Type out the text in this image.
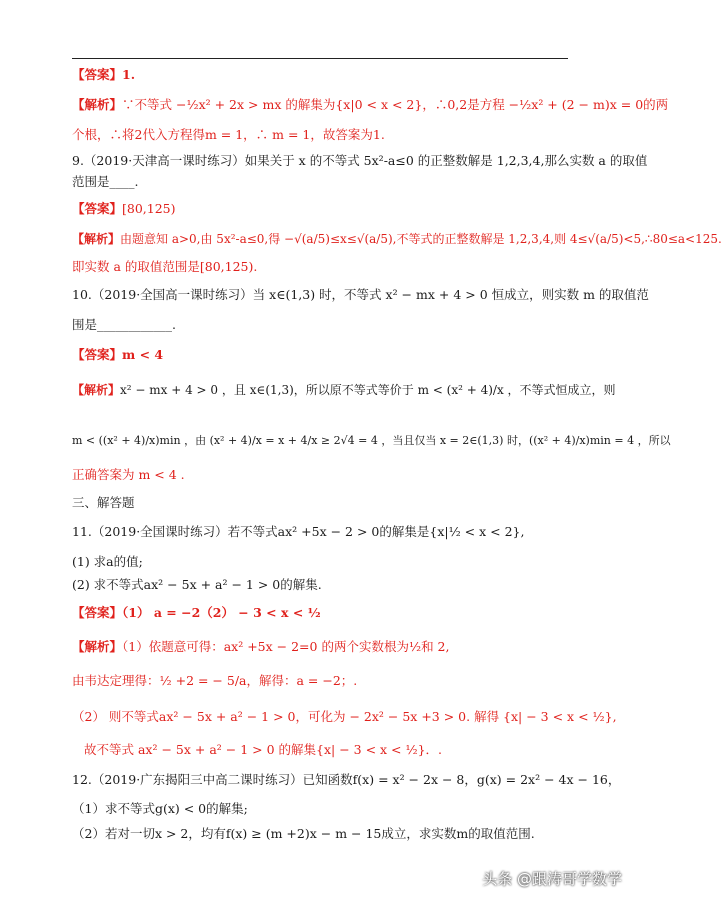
【答案】1.
【解析】∵不等式 −½x² + 2x > mx 的解集为{x|0 < x < 2}，∴0,2是方程 −½x² + (2 − m)x = 0的两
个根，∴将2代入方程得m = 1，∴ m = 1，故答案为1.
9.（2019·天津高一课时练习）如果关于 x 的不等式 5x²-a≤0 的正整数解是 1,2,3,4,那么实数 a 的取值
范围是____.
【答案】[80,125)
【解析】由题意知 a>0,由 5x²-a≤0,得 −√(a/5)≤x≤√(a/5),不等式的正整数解是 1,2,3,4,则 4≤√(a/5)<5,∴80≤a<125.
即实数 a 的取值范围是[80,125).
10.（2019·全国高一课时练习）当 x∈(1,3) 时，不等式 x² − mx + 4 > 0 恒成立，则实数 m 的取值范
围是____________.
【答案】m < 4
【解析】x² − mx + 4 > 0 ，且 x∈(1,3)，所以原不等式等价于 m < (x² + 4)/x ，不等式恒成立，则
m < ((x² + 4)/x)min ，由 (x² + 4)/x = x + 4/x ≥ 2√4 = 4 ，当且仅当 x = 2∈(1,3) 时，((x² + 4)/x)min = 4 ，所以
正确答案为 m < 4 .
三、解答题
11.（2019·全国课时练习）若不等式ax² +5x − 2 > 0的解集是{x|½ < x < 2},
(1) 求a的值;
(2) 求不等式ax² − 5x + a² − 1 > 0的解集.
【答案】（1） a = −2（2） − 3 < x < ½
【解析】（1）依题意可得：ax² +5x − 2=0 的两个实数根为½和 2,
由韦达定理得：½ +2 = − 5/a，解得：a = −2；.
（2） 则不等式ax² − 5x + a² − 1 > 0，可化为 − 2x² − 5x +3 > 0. 解得 {x| − 3 < x < ½},
故不等式 ax² − 5x + a² − 1 > 0 的解集{x| − 3 < x < ½}．.
12.（2019·广东揭阳三中高二课时练习）已知函数f(x) = x² − 2x − 8，g(x) = 2x² − 4x − 16，
（1）求不等式g(x) < 0的解集;
（2）若对一切x > 2，均有f(x) ≥ (m +2)x − m − 15成立，求实数m的取值范围.
头条 @跟涛哥学数学
